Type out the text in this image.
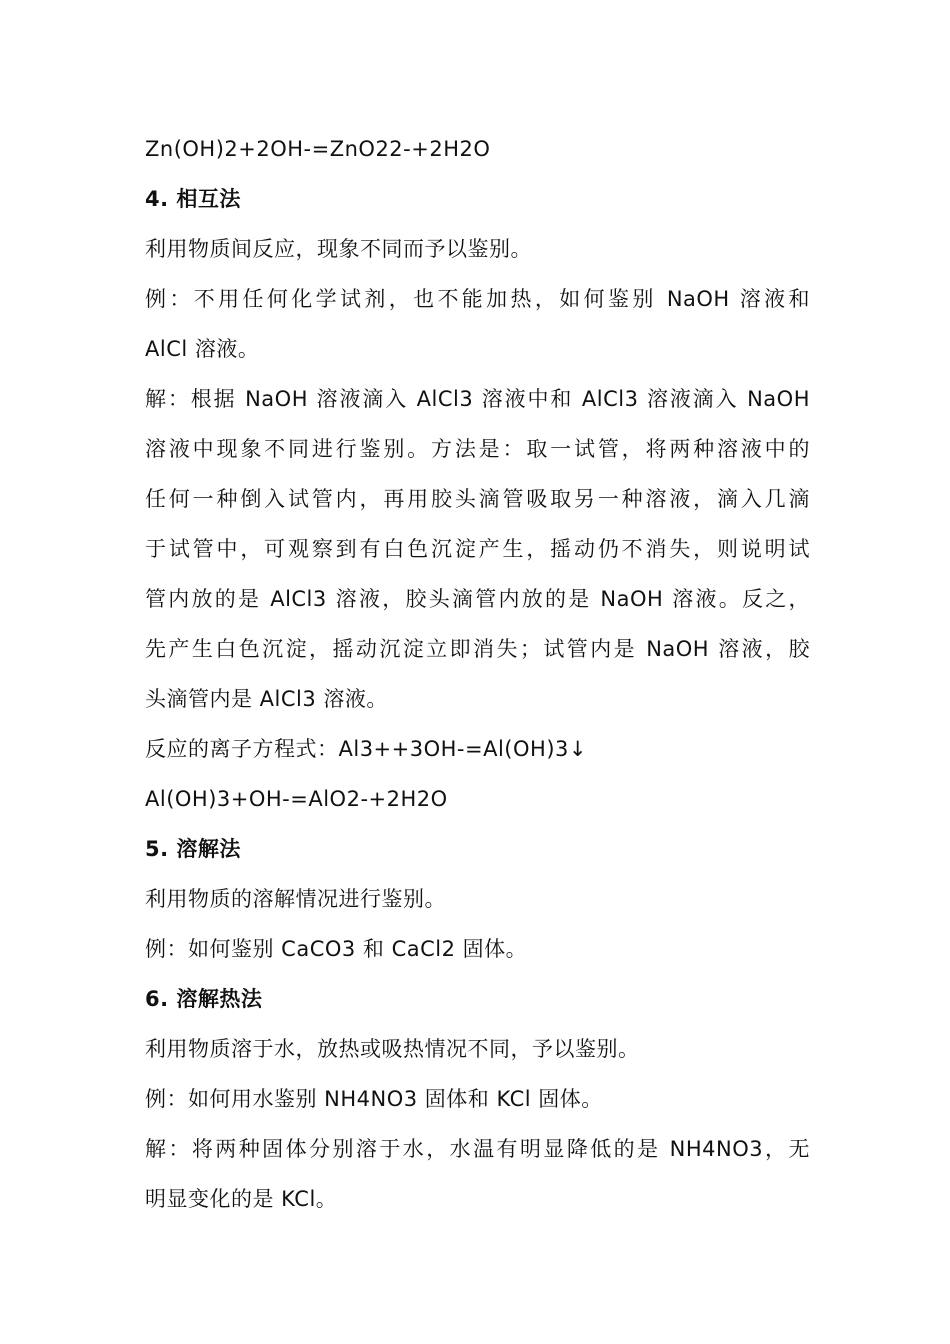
Zn(OH)2+2OH-=ZnO22-+2H2O
4. 相互法
利用物质间反应，现象不同而予以鉴别。
例：不用任何化学试剂，也不能加热，如何鉴别 NaOH 溶液和
AlCl 溶液。
解：根据 NaOH 溶液滴入 AlCl3 溶液中和 AlCl3 溶液滴入 NaOH
溶液中现象不同进行鉴别。方法是：取一试管，将两种溶液中的
任何一种倒入试管内，再用胶头滴管吸取另一种溶液，滴入几滴
于试管中，可观察到有白色沉淀产生，摇动仍不消失，则说明试
管内放的是 AlCl3 溶液，胶头滴管内放的是 NaOH 溶液。反之，
先产生白色沉淀，摇动沉淀立即消失；试管内是 NaOH 溶液，胶
头滴管内是 AlCl3 溶液。
反应的离子方程式：Al3++3OH-=Al(OH)3↓
Al(OH)3+OH-=AlO2-+2H2O
5. 溶解法
利用物质的溶解情况进行鉴别。
例：如何鉴别 CaCO3 和 CaCl2 固体。
6. 溶解热法
利用物质溶于水，放热或吸热情况不同，予以鉴别。
例：如何用水鉴别 NH4NO3 固体和 KCl 固体。
解：将两种固体分别溶于水，水温有明显降低的是 NH4NO3，无
明显变化的是 KCl。
